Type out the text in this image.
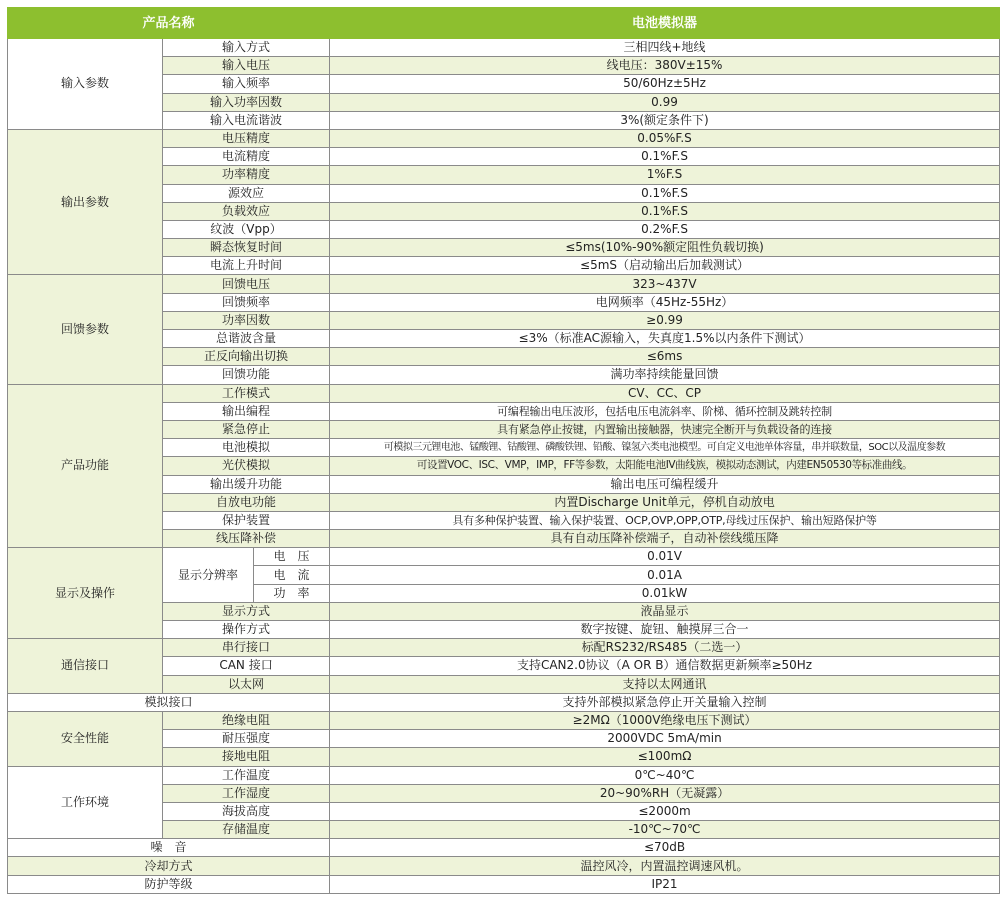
产品名称			电池模拟器
输入参数	输入方式		三相四线+地线
	输入电压		线电压：380V±15%
	输入频率		50/60Hz±5Hz
	输入功率因数		0.99
	输入电流谐波		3%(额定条件下)
输出参数	电压精度		0.05%F.S
	电流精度		0.1%F.S
	功率精度		1%F.S
	源效应		0.1%F.S
	负载效应		0.1%F.S
	纹波（Vpp）		0.2%F.S
	瞬态恢复时间		≤5ms(10%-90%额定阻性负载切换)
	电流上升时间		≤5mS（启动输出后加载测试）
回馈参数	回馈电压		323~437V
	回馈频率		电网频率（45Hz-55Hz）
	功率因数		≥0.99
	总谐波含量		≤3%（标准AC源输入，失真度1.5%以内条件下测试）
	正反向输出切换		≤6ms
	回馈功能		满功率持续能量回馈
产品功能	工作模式		CV、CC、CP
	输出编程		可编程输出电压波形，包括电压电流斜率、阶梯、循环控制及跳转控制
	紧急停止		具有紧急停止按键，内置输出接触器，快速完全断开与负载设备的连接
	电池模拟		可模拟三元锂电池、锰酸锂、钴酸锂、磷酸铁锂、铅酸、镍氢六类电池模型。可自定义电池单体容量，串并联数量，SOC以及温度参数
	光伏模拟		可设置VOC、ISC、VMP，IMP，FF等参数，太阳能电池IV曲线族，模拟动态测试，内建EN50530等标准曲线。
	输出缓升功能		输出电压可编程缓升
	自放电功能		内置Discharge Unit单元，停机自动放电
	保护装置		具有多种保护装置、输入保护装置、OCP,OVP,OPP,OTP,母线过压保护、输出短路保护等
	线压降补偿		具有自动压降补偿端子，自动补偿线缆压降
显示及操作	显示分辨率	电　压	0.01V
		电　流	0.01A
		功　率	0.01kW
	显示方式		液晶显示
	操作方式		数字按键、旋钮、触摸屏三合一
通信接口	串行接口		标配RS232/RS485（二选一）
	CAN 接口		支持CAN2.0协议（A OR B）通信数据更新频率≥50Hz
	以太网		支持以太网通讯
模拟接口			支持外部模拟紧急停止开关量输入控制
安全性能	绝缘电阻		≥2MΩ（1000V绝缘电压下测试）
	耐压强度		2000VDC 5mA/min
	接地电阻		≤100mΩ
工作环境	工作温度		0℃~40℃
	工作湿度		20~90%RH（无凝露）
	海拔高度		≤2000m
	存储温度		-10℃~70℃
噪　音			≤70dB
冷却方式			温控风冷，内置温控调速风机。
防护等级			IP21
